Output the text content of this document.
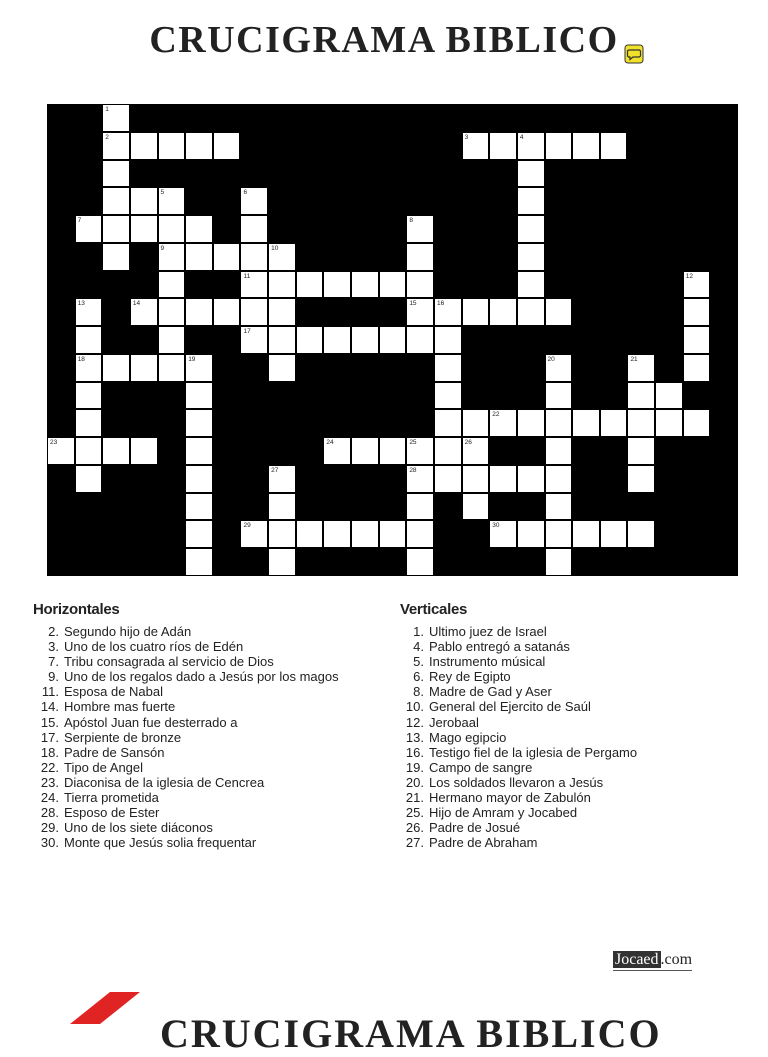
CRUCIGRAMA BIBLICO
1
2	3	4
5	6
7	8
9	10
11	12
13	14	15	16
17
18	19	20	21
22
23	24	25	26
27	28
29	30
Horizontales
2. Segundo hijo de Adán
3. Uno de los cuatro ríos de Edén
7. Tribu consagrada al servicio de Dios
9. Uno de los regalos dado a Jesús por los magos
11. Esposa de Nabal
14. Hombre mas fuerte
15. Apóstol Juan fue desterrado a
17. Serpiente de bronze
18. Padre de Sansón
22. Tipo de Angel
23. Diaconisa de la iglesia de Cencrea
24. Tierra prometida
28. Esposo de Ester
29. Uno de los siete diáconos
30. Monte que Jesús solia frequentar
Verticales
1. Ultimo juez de Israel
4. Pablo entregó a satanás
5. Instrumento músical
6. Rey de Egipto
8. Madre de Gad y Aser
10. General del Ejercito de Saúl
12. Jerobaal
13. Mago egipcio
16. Testigo fiel de la iglesia de Pergamo
19. Campo de sangre
20. Los soldados llevaron a Jesús
21. Hermano mayor de Zabulón
25. Hijo de Amram y Jocabed
26. Padre de Josué
27. Padre de Abraham
Jocaed .com
CRUCIGRAMA BIBLICO
